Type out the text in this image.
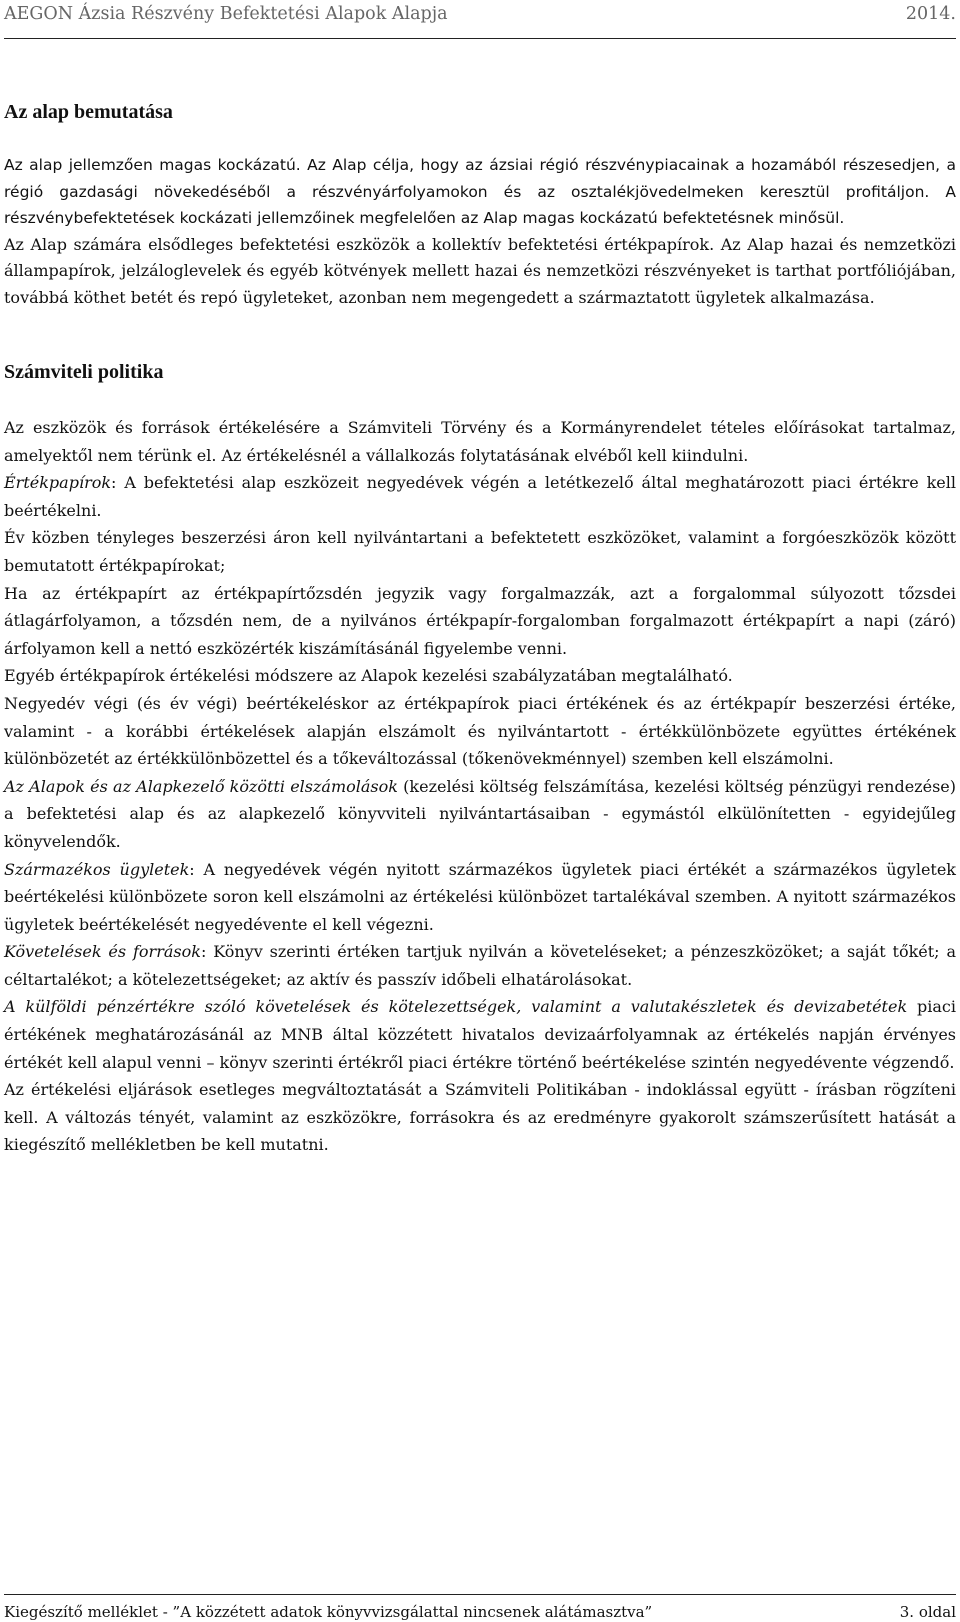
AEGON Ázsia Részvény Befektetési Alapok Alapja	2014.
Az alap bemutatása

Az alap jellemzően magas kockázatú. Az Alap célja, hogy az ázsiai régió részvénypiacainak a hozamából részesedjen, a régió gazdasági növekedéséből a részvényárfolyamokon és az osztalékjövedelmeken keresztül profitáljon. A részvénybefektetések kockázati jellemzőinek megfelelően az Alap magas kockázatú befektetésnek minősül.

Az Alap számára elsődleges befektetési eszközök a kollektív befektetési értékpapírok. Az Alap hazai és nemzetközi állampapírok, jelzáloglevelek és egyéb kötvények mellett hazai és nemzetközi részvényeket is tarthat portfóliójában, továbbá köthet betét és repó ügyleteket, azonban nem megengedett a származtatott ügyletek alkalmazása.

Számviteli politika

Az eszközök és források értékelésére a Számviteli Törvény és a Kormányrendelet tételes előírásokat tartalmaz, amelyektől nem térünk el. Az értékelésnél a vállalkozás folytatásának elvéből kell kiindulni.

Értékpapírok: A befektetési alap eszközeit negyedévek végén a letétkezelő által meghatározott piaci értékre kell beértékelni.

Év közben tényleges beszerzési áron kell nyilvántartani a befektetett eszközöket, valamint a forgóeszközök között bemutatott értékpapírokat;

Ha az értékpapírt az értékpapírtőzsdén jegyzik vagy forgalmazzák, azt a forgalommal súlyozott tőzsdei átlagárfolyamon, a tőzsdén nem, de a nyilvános értékpapír-forgalomban forgalmazott értékpapírt a napi (záró) árfolyamon kell a nettó eszközérték kiszámításánál figyelembe venni.

Egyéb értékpapírok értékelési módszere az Alapok kezelési szabályzatában megtalálható.

Negyedév végi (és év végi) beértékeléskor az értékpapírok piaci értékének és az értékpapír beszerzési értéke, valamint - a korábbi értékelések alapján elszámolt és nyilvántartott - értékkülönbözete együttes értékének különbözetét az értékkülönbözettel és a tőkeváltozással (tőkenövekménnyel) szemben kell elszámolni.

Az Alapok és az Alapkezelő közötti elszámolások (kezelési költség felszámítása, kezelési költség pénzügyi rendezése) a befektetési alap és az alapkezelő könyvviteli nyilvántartásaiban - egymástól elkülönítetten - egyidejűleg könyvelendők.

Származékos ügyletek: A negyedévek végén nyitott származékos ügyletek piaci értékét a származékos ügyletek beértékelési különbözete soron kell elszámolni az értékelési különbözet tartalékával szemben. A nyitott származékos ügyletek beértékelését negyedévente el kell végezni.

Követelések és források: Könyv szerinti értéken tartjuk nyilván a követeléseket; a pénzeszközöket; a saját tőkét; a céltartalékot; a kötelezettségeket; az aktív és passzív időbeli elhatárolásokat.

A külföldi pénzértékre szóló követelések és kötelezettségek, valamint a valutakészletek és devizabetétek piaci értékének meghatározásánál az MNB által közzétett hivatalos devizaárfolyamnak az értékelés napján érvényes értékét kell alapul venni – könyv szerinti értékről piaci értékre történő beértékelése szintén negyedévente végzendő.

Az értékelési eljárások esetleges megváltoztatását a Számviteli Politikában - indoklással együtt - írásban rögzíteni kell. A változás tényét, valamint az eszközökre, forrásokra és az eredményre gyakorolt számszerűsített hatását a kiegészítő mellékletben be kell mutatni.

Kiegészítő melléklet - ”A közzétett adatok könyvvizsgálattal nincsenek alátámasztva”	3. oldal
